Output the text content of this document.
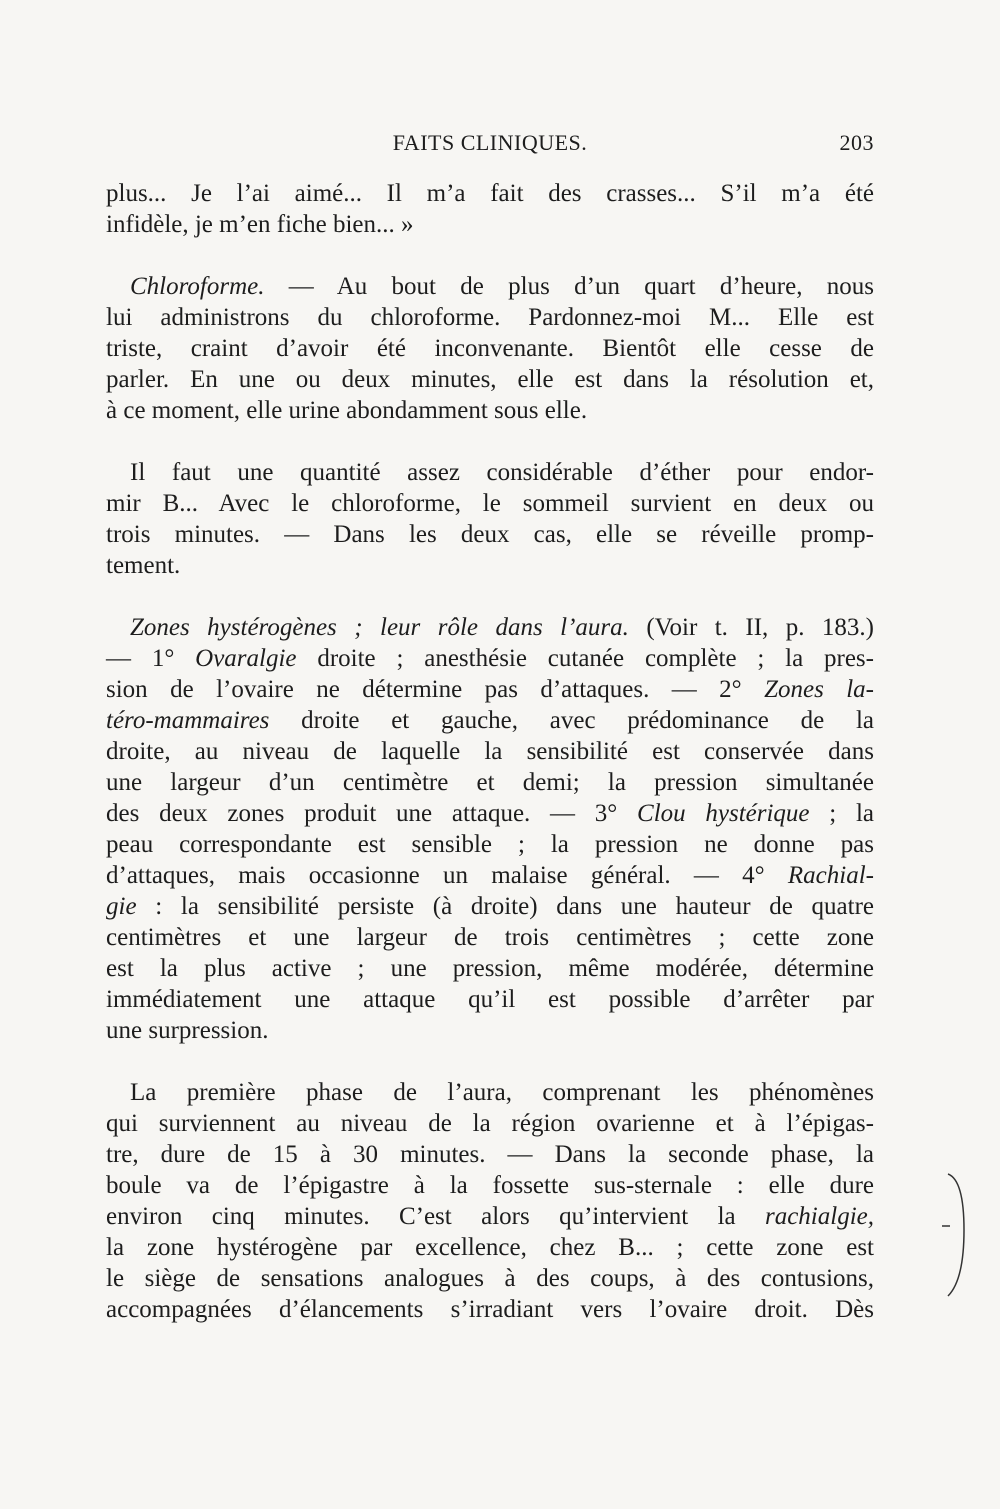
FAITS CLINIQUES.	203
plus... Je l’ai aimé... Il m’a fait des crasses... S’il m’a été
infidèle, je m’en fiche bien... »
Chloroforme. — Au bout de plus d’un quart d’heure, nous
lui administrons du chloroforme. Pardonnez-moi M... Elle est
triste, craint d’avoir été inconvenante. Bientôt elle cesse de
parler. En une ou deux minutes, elle est dans la résolution et,
à ce moment, elle urine abondamment sous elle.
Il faut une quantité assez considérable d’éther pour endor-
mir B... Avec le chloroforme, le sommeil survient en deux ou
trois minutes. — Dans les deux cas, elle se réveille promp-
tement.
Zones hystérogènes ; leur rôle dans l’aura. (Voir t. II, p. 183.)
— 1° Ovaralgie droite ; anesthésie cutanée complète ; la pres-
sion de l’ovaire ne détermine pas d’attaques. — 2° Zones la-
téro-mammaires droite et gauche, avec prédominance de la
droite, au niveau de laquelle la sensibilité est conservée dans
une largeur d’un centimètre et demi; la pression simultanée
des deux zones produit une attaque. — 3° Clou hystérique ; la
peau correspondante est sensible ; la pression ne donne pas
d’attaques, mais occasionne un malaise général. — 4° Rachial-
gie : la sensibilité persiste (à droite) dans une hauteur de quatre
centimètres et une largeur de trois centimètres ; cette zone
est la plus active ; une pression, même modérée, détermine
immédiatement une attaque qu’il est possible d’arrêter par
une surpression.
La première phase de l’aura, comprenant les phénomènes
qui surviennent au niveau de la région ovarienne et à l’épigas-
tre, dure de 15 à 30 minutes. — Dans la seconde phase, la
boule va de l’épigastre à la fossette sus-sternale : elle dure
environ cinq minutes. C’est alors qu’intervient la rachialgie,
la zone hystérogène par excellence, chez B... ; cette zone est
le siège de sensations analogues à des coups, à des contusions,
accompagnées d’élancements s’irradiant vers l’ovaire droit. Dès
